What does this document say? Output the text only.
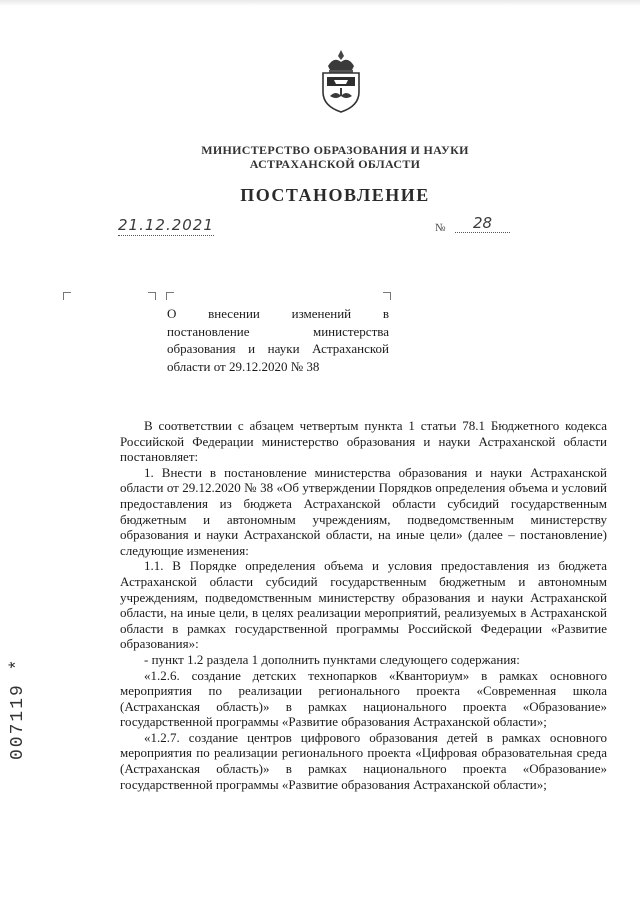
МИНИСТЕРСТВО ОБРАЗОВАНИЯ И НАУКИ
АСТРАХАНСКОЙ ОБЛАСТИ
ПОСТАНОВЛЕНИЕ
21.12.2021	№	28
О внесении изменений в постановление министерства образования и науки Астраханской области от 29.12.2020 № 38

В соответствии с абзацем четвертым пункта 1 статьи 78.1 Бюджетного кодекса Российской Федерации министерство образования и науки Астраханской области постановляет:

1. Внести в постановление министерства образования и науки Астраханской области от 29.12.2020 № 38 «Об утверждении Порядков определения объема и условий предоставления из бюджета Астраханской области субсидий государственным бюджетным и автономным учреждениям, подведомственным министерству образования и науки Астраханской области, на иные цели» (далее – постановление) следующие изменения:

1.1. В Порядке определения объема и условия предоставления из бюджета Астраханской области субсидий государственным бюджетным и автономным учреждениям, подведомственным министерству образования и науки Астраханской области, на иные цели, в целях реализации мероприятий, реализуемых в Астраханской области в рамках государственной программы Российской Федерации «Развитие образования»:

- пункт 1.2 раздела 1 дополнить пунктами следующего содержания:

«1.2.6. создание детских технопарков «Кванториум» в рамках основного мероприятия по реализации регионального проекта «Современная школа (Астраханская область)» в рамках национального проекта «Образование» государственной программы «Развитие образования Астраханской области»;

«1.2.7. создание центров цифрового образования детей в рамках основного мероприятия по реализации регионального проекта «Цифровая образовательная среда (Астраханская область)» в рамках национального проекта «Образование» государственной программы «Развитие образования Астраханской области»;

007119 *
